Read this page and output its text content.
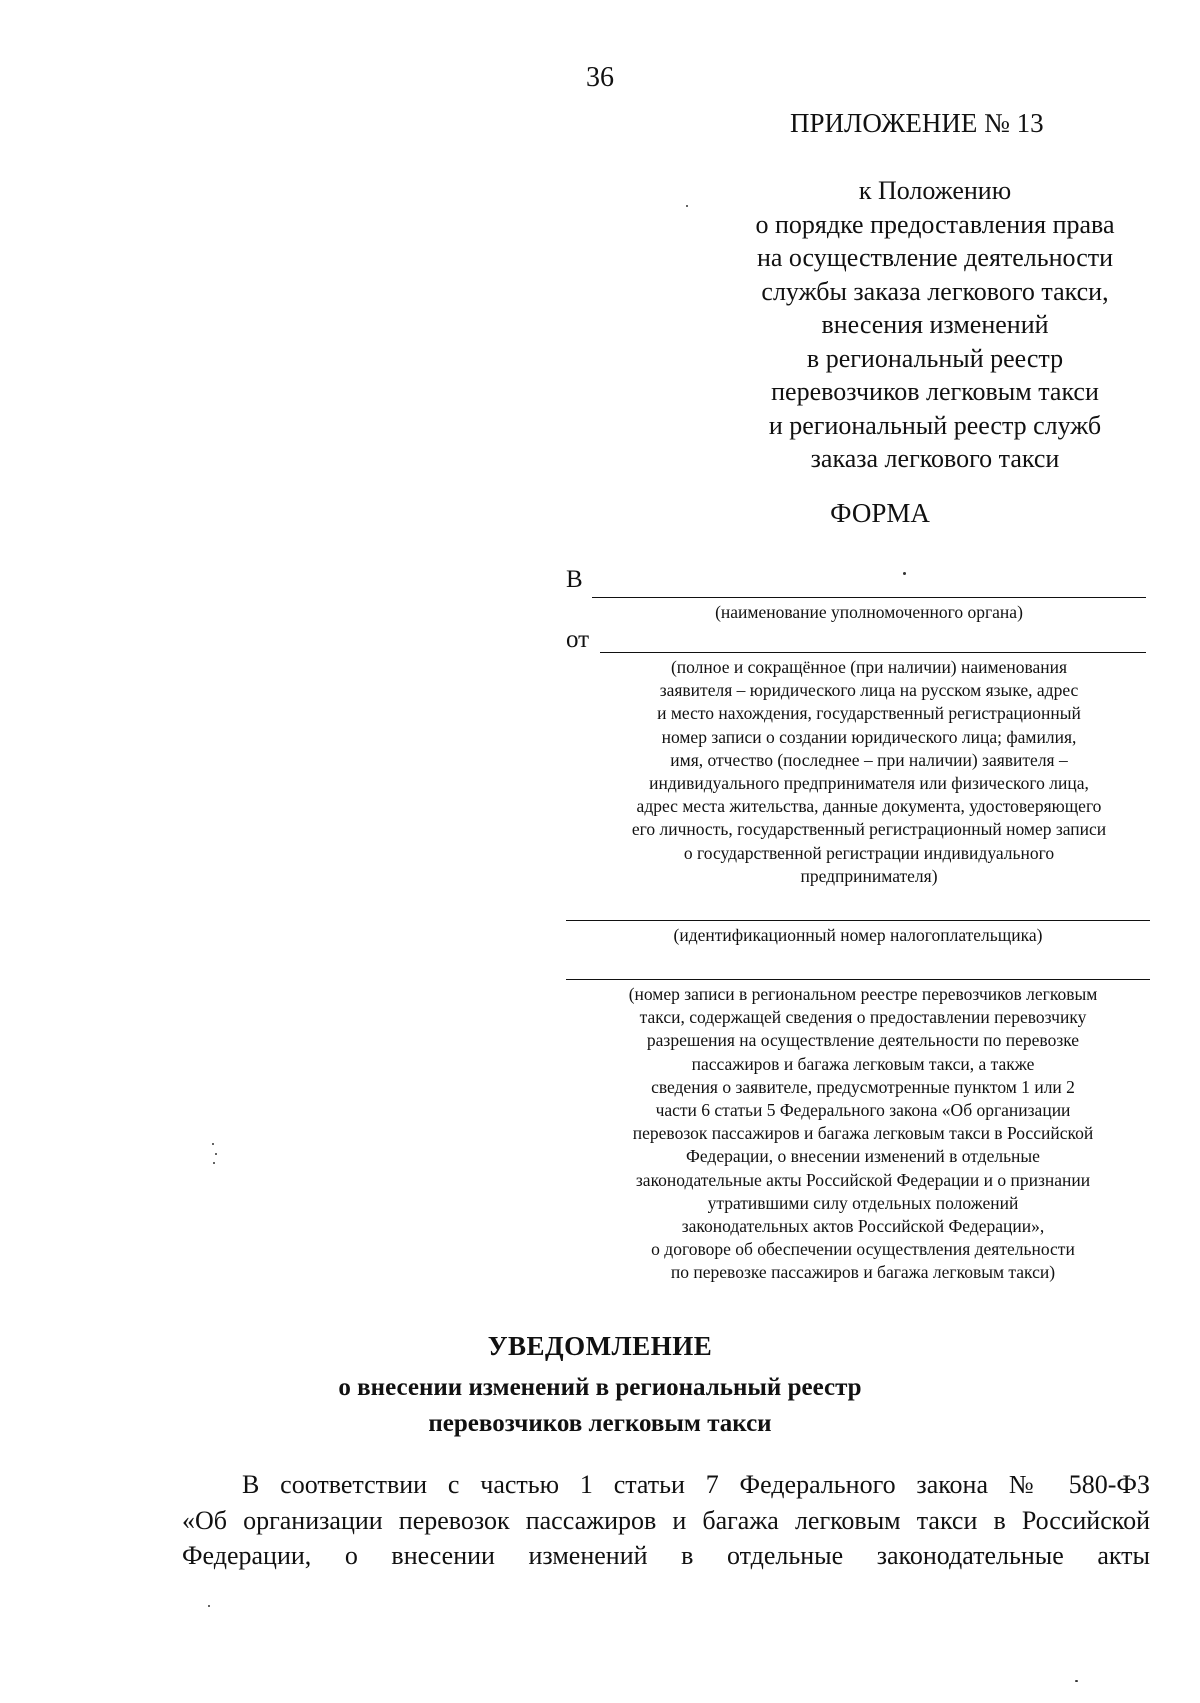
36
ПРИЛОЖЕНИЕ № 13
к Положению
о порядке предоставления права
на осуществление деятельности
службы заказа легкового такси,
внесения изменений
в региональный реестр
перевозчиков легковым такси
и региональный реестр служб
заказа легкового такси
ФОРМА
В
(наименование уполномоченного органа)
от
(полное и сокращённое (при наличии) наименования
заявителя – юридического лица на русском языке, адрес
и место нахождения, государственный регистрационный
номер записи о создании юридического лица; фамилия,
имя, отчество (последнее – при наличии) заявителя –
индивидуального предпринимателя или физического лица,
адрес места жительства, данные документа, удостоверяющего
его личность, государственный регистрационный номер записи
о государственной регистрации индивидуального
предпринимателя)
(идентификационный номер налогоплательщика)
(номер записи в региональном реестре перевозчиков легковым
такси, содержащей сведения о предоставлении перевозчику
разрешения на осуществление деятельности по перевозке
пассажиров и багажа легковым такси, а также
сведения о заявителе, предусмотренные пунктом 1 или 2
части 6 статьи 5 Федерального закона «Об организации
перевозок пассажиров и багажа легковым такси в Российской
Федерации, о внесении изменений в отдельные
законодательные акты Российской Федерации и о признании
утратившими силу отдельных положений
законодательных актов Российской Федерации»,
о договоре об обеспечении осуществления деятельности
по перевозке пассажиров и багажа легковым такси)
УВЕДОМЛЕНИЕ
о внесении изменений в региональный реестр
перевозчиков легковым такси
В соответствии с частью 1 статьи 7 Федерального закона № 580-ФЗ
«Об организации перевозок пассажиров и багажа легковым такси в Российской
Федерации, о внесении изменений в отдельные законодательные акты
